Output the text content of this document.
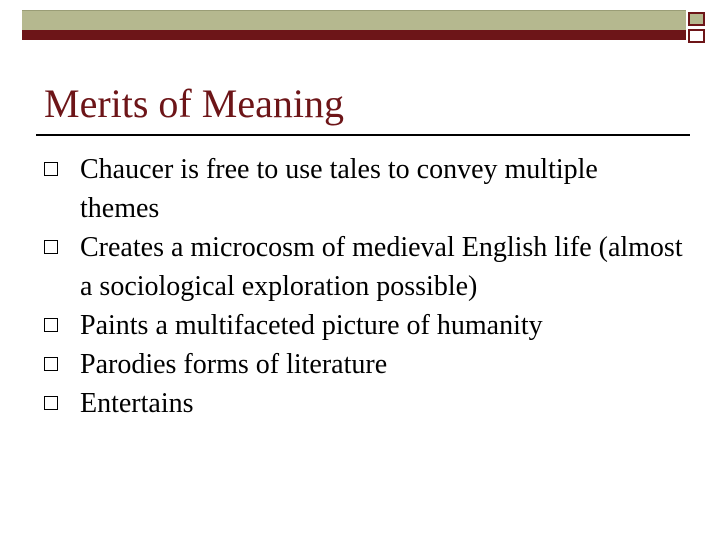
Merits of Meaning
Chaucer is free to use tales to convey multiple themes
Creates a microcosm of medieval English life (almost a sociological exploration possible)
Paints a multifaceted picture of humanity
Parodies forms of literature
Entertains
